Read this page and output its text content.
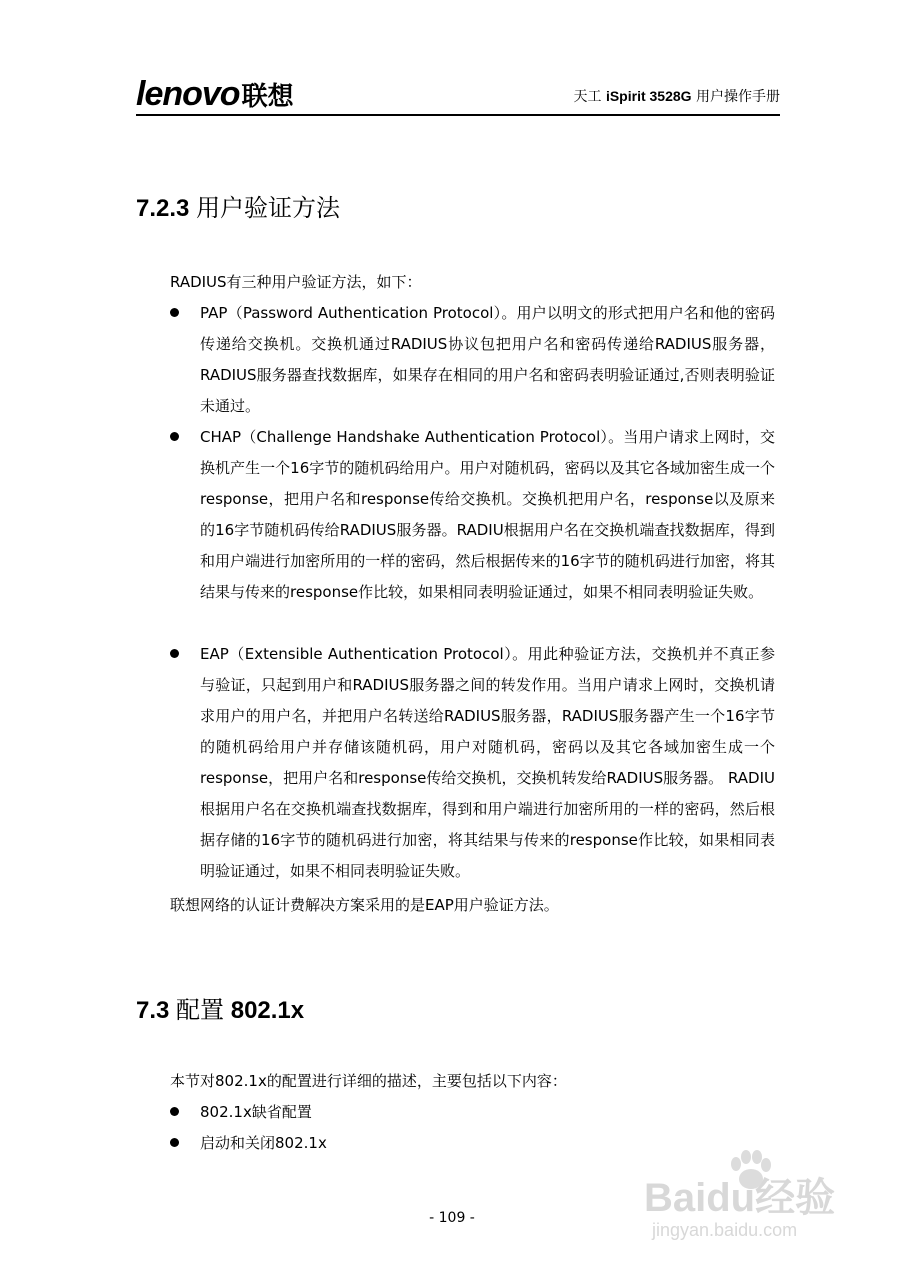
lenovo联想	天工 iSpirit 3528G 用户操作手册
7.2.3 用户验证方法

RADIUS有三种用户验证方法，如下：

PAP（Password Authentication Protocol）。用户以明文的形式把用户名和他的密码传递给交换机。交换机通过RADIUS协议包把用户名和密码传递给RADIUS服务器，RADIUS服务器查找数据库，如果存在相同的用户名和密码表明验证通过,否则表明验证未通过。
CHAP（Challenge Handshake Authentication Protocol）。当用户请求上网时，交换机产生一个16字节的随机码给用户。用户对随机码，密码以及其它各域加密生成一个response，把用户名和response传给交换机。交换机把用户名，response以及原来的16字节随机码传给RADIUS服务器。RADIU根据用户名在交换机端查找数据库，得到和用户端进行加密所用的一样的密码，然后根据传来的16字节的随机码进行加密，将其结果与传来的response作比较，如果相同表明验证通过，如果不相同表明验证失败。
EAP（Extensible Authentication Protocol）。用此种验证方法，交换机并不真正参与验证，只起到用户和RADIUS服务器之间的转发作用。当用户请求上网时，交换机请求用户的用户名，并把用户名转送给RADIUS服务器，RADIUS服务器产生一个16字节的随机码给用户并存储该随机码，用户对随机码，密码以及其它各域加密生成一个response，把用户名和response传给交换机，交换机转发给RADIUS服务器。 RADIU根据用户名在交换机端查找数据库，得到和用户端进行加密所用的一样的密码，然后根据存储的16字节的随机码进行加密，将其结果与传来的response作比较，如果相同表明验证通过，如果不相同表明验证失败。

联想网络的认证计费解决方案采用的是EAP用户验证方法。

7.3 配置 802.1x

本节对802.1x的配置进行详细的描述，主要包括以下内容：

802.1x缺省配置
启动和关闭802.1x
- 109 -	Baidu经验
jingyan.baidu.com
